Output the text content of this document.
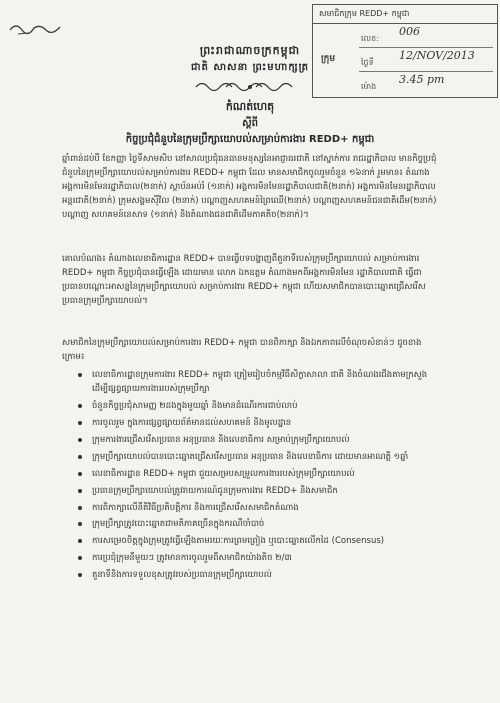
សមាជិកក្រុម REDD+ កម្ពុជា
ក្រុម
លេខ:
006
ថ្ងៃទី
12/NOV/2013
ម៉ោង
3.45 pm
ព្រះរាជាណាចក្រកម្ពុជា
ជាតិ សាសនា ព្រះមហាក្សត្រ
កំណត់ហេតុ
ស្តីពី
កិច្ចប្រជុំជំនួបនៃក្រុមប្រឹក្សាយោបល់សម្រាប់ការងារ REDD+ កម្ពុជា

ឆ្នាំពាន់ដប់បី ខែកញ្ញា ថ្ងៃទីសាមសិប នៅសាលប្រជុំធនធានមនុស្សនៃអាជ្ញាធរជាតិ នៅស្នាក់ការ រាជរដ្ឋាភិបាល មានកិច្ចប្រជុំជំនួបនៃក្រុមប្រឹក្សាយោបល់សម្រាប់ការងារ REDD+ កម្ពុជា ដែល មានសមាជិកចូលរួមចំនួន ១៦នាក់ រួមមាន៖ តំណាងអង្គការមិនមែនរដ្ឋាភិបាល(២នាក់) ស្ថាប័នអប់រំ (១នាក់) អង្គការមិនមែនរដ្ឋាភិបាលជាតិ(២នាក់) អង្គការមិនមែនរដ្ឋាភិបាលអន្តរជាតិ(២នាក់) ក្រុមសង្គមស៊ីវិល (២នាក់) បណ្តាញសហគមន៍ព្រៃឈើ(២នាក់) បណ្តាញសហគមន៍ជនជាតិដើម(២នាក់) បណ្តាញ សហគមន៍នេសាទ (១នាក់) និងតំណាងជនជាតិដើមភាគតិច(២នាក់)។

គោលបំណង៖ តំណាងលេខាធិការដ្ឋាន REDD+ បានធ្វើបទបង្ហាញពីតួនាទីរបស់ក្រុមប្រឹក្សាយោបល់ សម្រាប់ការងារ REDD+ កម្ពុជា កិច្ចប្រជុំបានធ្វើឡើង ដោយមាន លោក ឯកឧត្តម តំណាងមកពីអង្គការមិនមែន រដ្ឋាភិបាលជាតិ ធ្វើជាប្រធានបណ្តោះអាសន្ននៃក្រុមប្រឹក្សាយោបល់ សម្រាប់ការងារ REDD+ កម្ពុជា ហើយសមាជិកបានបោះឆ្នោតជ្រើសរើសប្រធានក្រុមប្រឹក្សាយោបល់។

សមាជិកនៃក្រុមប្រឹក្សាយោបល់សម្រាប់ការងារ REDD+ កម្ពុជា បានពិភាក្សា និងឯកភាពលើចំណុចសំខាន់ៗ ដូចខាងក្រោម៖

លេខាធិការដ្ឋានក្រុមការងារ REDD+ កម្ពុជា ត្រៀមរៀបចំកម្មវិធីសិក្ខាសាលា ជាតិ និងចំណងជើងតាមក្រសួង ដើម្បីផ្សព្វផ្សាយការងាររបស់ក្រុមប្រឹក្សា
ចំនួនកិច្ចប្រជុំសាមញ្ញ ២ដងក្នុងមួយឆ្នាំ និងមានដំណើរការជាប់លាប់
ការចូលរួម ក្នុងការផ្សព្វផ្សាយព័ត៌មានដល់សហគមន៍ និងមូលដ្ឋាន
ក្រុមការងារជ្រើសរើសប្រធាន អនុប្រធាន និងលេខាធិការ សម្រាប់ក្រុមប្រឹក្សាយោបល់
ក្រុមប្រឹក្សាយោបល់បានបោះឆ្នោតជ្រើសរើសប្រធាន អនុប្រធាន និងលេខាធិការ ដោយមានអាណត្តិ ១ឆ្នាំ
លេខាធិការដ្ឋាន REDD+ កម្ពុជា ជួយសម្របសម្រួលការងាររបស់ក្រុមប្រឹក្សាយោបល់
ប្រធានក្រុមប្រឹក្សាយោបល់ត្រូវរាយការណ៍ជូនក្រុមការងារ REDD+ និងសមាជិក
ការពិភាក្សាលើនីតិវិធីប្រតិបត្តិការ និងការជ្រើសរើសសមាជិកតំណាង
ក្រុមប្រឹក្សាត្រូវបោះឆ្នោតជាមតិភាគច្រើនក្នុងករណីចាំបាច់
ការសម្រេចចិត្តក្នុងក្រុមត្រូវធ្វើឡើងតាមរយៈការព្រមព្រៀង ឬបោះឆ្នោតលើកដៃ (Consensus)
ការប្រជុំក្រុមនីមួយៗ ត្រូវមានការចូលរួមពីសមាជិកយ៉ាងតិច ២/៣
តួនាទីនិងការទទួលខុសត្រូវរបស់ប្រធានក្រុមប្រឹក្សាយោបល់
